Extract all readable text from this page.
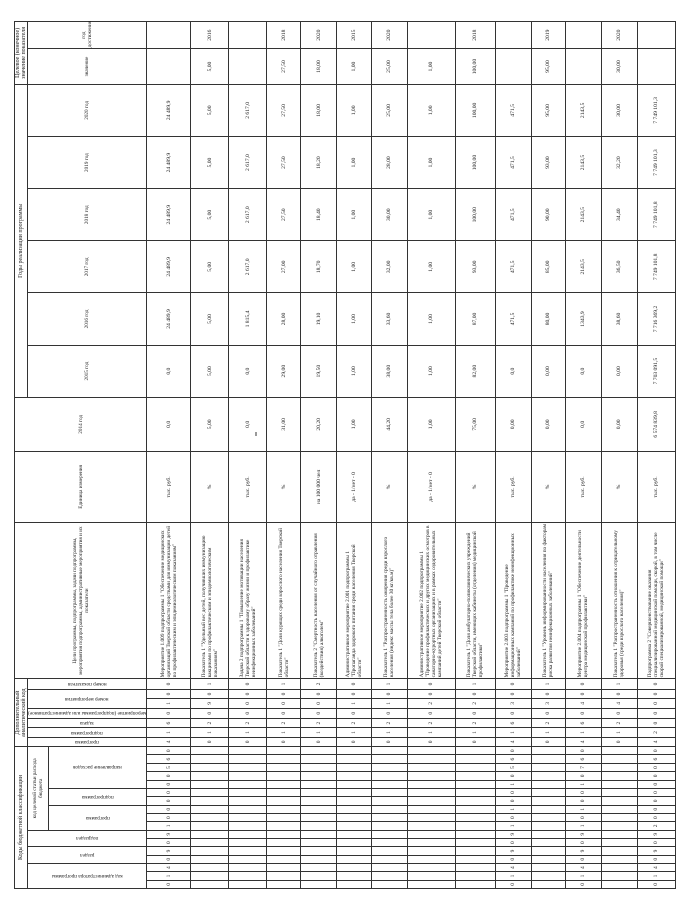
Коды бюджетной классификации																	Дополнительный аналитический код							Цели программы, подпрограммы, задачи подпрограммы, мероприятия подпрограммы, административные мероприятия и их показатели	Единица измерения	2014 год	Годы реализации программы						Целевое (конечное) значение показателя	

код администратора программы			раздел		подраздел		код целевой статьи расхода бюджета										программа	подпрограмма	задача	мероприятие (подпрограммы или административное)	номер мероприятия		номер показателя				2015 год	2016 год	2017 год	2018 год	2019 год	2020 год	значение	год достижения

							программа			подпрограмма		направление расходов																						

0	1	4	0	9	0	9	1	0	0	0	0	0	0	5	6	0	4	1	6	0	1	0	0	Мероприятие 1.009 подпрограммы 1 "Обеспечение медицинских организаций Тверской области средствами для иммунизации детей по профилактическим и эпидемиологическим показаниям"	тыс. руб.	0,0	0,0	24 489,9	24 489,9	24 489,9	24 489,9	24 489,9		
																	0	1	2	0	9	0	1	Показатель 1 "Удельный вес детей, получивших иммунизацию вакцинами по профилактическим и эпидемиологическим показаниям"	%	5,00	5,00	5,00	5,00	5,00	5,00	5,00	5,00	2016
																	0	1	2	0	0	0	0	Задача 2 подпрограммы 1 "Повышение мотивации населения Тверской области к здоровому образу жизни и профилактике неинфекционных заболеваний"	тыс. руб.	0,0	0,0	1 815,4	2 617,0	2 617,0	2 617,0	2 617,0		
																	0	1	2	0	0	0	1	Показатель 1 "Доля курящих среди взрослого населения Тверской области"	%	31,00	29,00	28,00	27,00	27,50	27,50	27,50	27,50	2018
																	0	1	2	0	0	0	2	Показатель 2 "Смертность населения от случайного отравления (воздействия) алкоголем"	на 100 000 чел	20,20	19,50	19,10	18,70	18,40	18,20	18,00	18,00	2020
																	0	1	2	0	1	0	0	Административное мероприятие 2.001 подпрограммы 1 "Пропаганда здорового питания среди населения Тверской области"	да - 1/нет - 0	1,00	1,00	1,00	1,00	1,00	1,00	1,00	1,00	2015
																	0	1	2	0	1	0	1	Показатель 1 "Распространенность ожирения среди взрослого населения (индекс массы тела более 30 кг/кв.м)"	%	44,20	38,00	33,60	32,00	30,00	28,00	25,00	25,00	2020
																	0	1	2	0	2	0	0	Административное мероприятие 2.002 подпрограммы 1 "Проведение профилактических и других медицинских осмотров в санаторно-курортных организациях и в рамках оздоровительных кампаний детей Тверской области"	да - 1/нет - 0	1,00	1,00	1,00	1,00	1,00	1,00	1,00	1,00	
																	0	1	2	0	2	0	1	Показатель 1 "Доля амбулаторно-поликлинических учреждений Тверской области, имеющих кабинеты (отделения) медицинской профилактики"	%	75,00	82,00	87,00	93,00	100,00	100,00	100,00	100,00	2018
0	1	4	0	9	0	9	1	0	1	0	0	1	0	5	6	0	4	1	6	0	3	0	0	Мероприятие 2.003 подпрограммы 1 "Проведение информационных кампаний по профилактике неинфекционных заболеваний"	тыс. руб.	0,00	0,0	471,5	471,5	471,5	471,5	471,5		
																	0	1	2	0	3	0	1	Показатель 1 "Уровень информированности населения по факторам риска развития неинфекционных заболеваний"	%	0,00	0,00	80,00	85,00	90,00	93,00	95,00	95,00	2019
0	1	4	0	9	0	9	1	0	1	0	0	1	0	7	6	0	4	1	6	0	4	0	0	Мероприятие 2.004 подпрограммы 1 "Обеспечение деятельности центра медицинской профилактики"	тыс. руб.	0,0	0,0	1343,9	2143,5	2143,5	2143,5	2143,5		
																	0	1	2	0	4	0	1	Показатель 1 "Распространенность отношения к отрицательному здоровья (среди взрослого населения)"	%	0,00	0,00	38,60	36,50	34,40	32,20	30,00	30,00	2020
0	1	4	0	9	0	9	2	0	0	0	0	0	0	0	6	0	4	2	0	0	0	0	0	Подпрограмма 2 "Совершенствование оказания специализированной медицинской помощи, скорой, в том числе скорой специализированной, медицинской помощи"	тыс. руб.	6 574 839,8	7 703 091,5	7 716 369,2	7 749 101,8	7 749 101,8	7 749 101,3	7 749 101,3		
